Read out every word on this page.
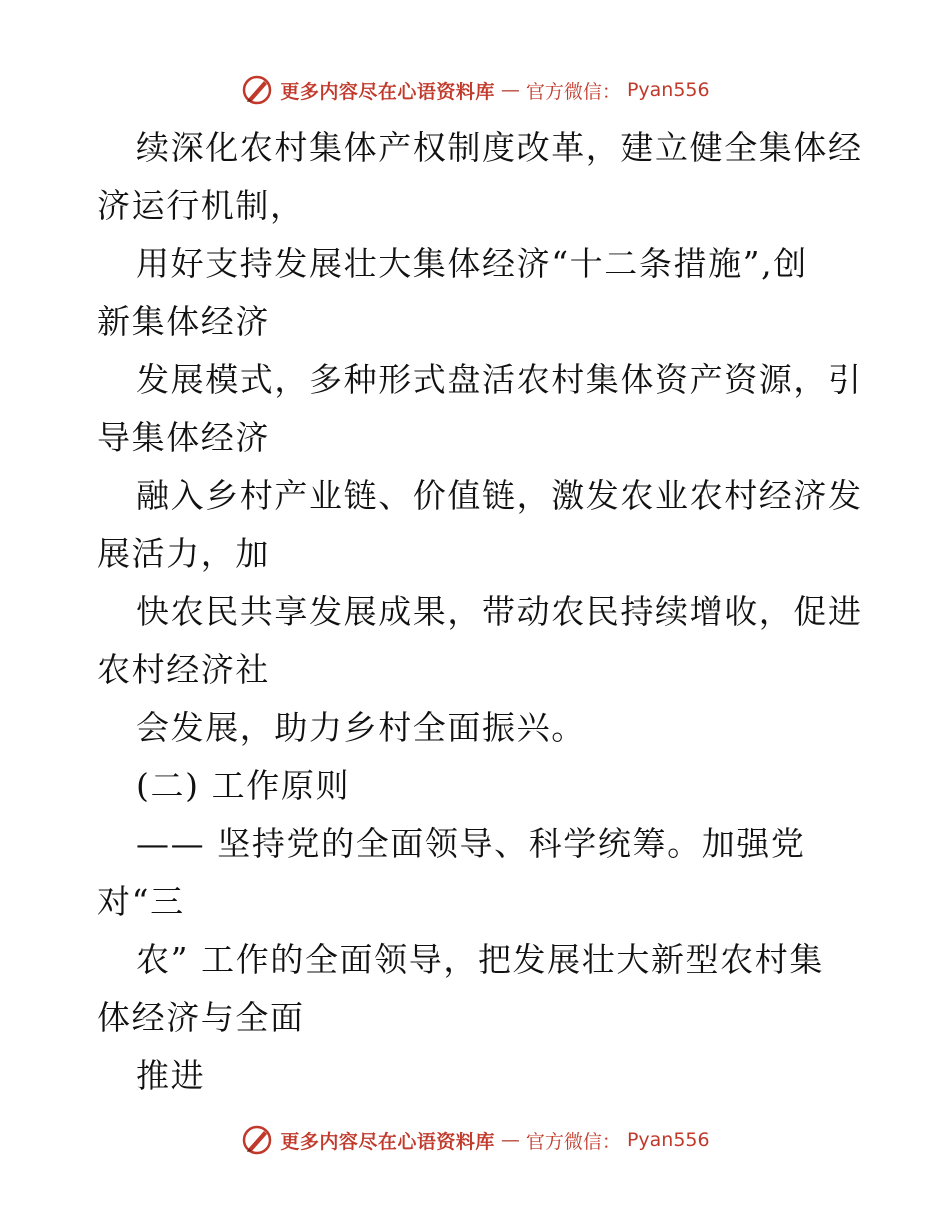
更多内容尽在心语资料库 — 官方微信： Pyan556
续深化农村集体产权制度改革，建立健全集体经
济运行机制，
用好支持发展壮大集体经济“十二条措施”,创
新集体经济
发展模式，多种形式盘活农村集体资产资源，引
导集体经济
融入乡村产业链、价值链，激发农业农村经济发
展活力，加
快农民共享发展成果，带动农民持续增收，促进
农村经济社
会发展，助力乡村全面振兴。
(二) 工作原则
—— 坚持党的全面领导、科学统筹。加强党
对“三
农” 工作的全面领导，把发展壮大新型农村集
体经济与全面
推进
更多内容尽在心语资料库 — 官方微信： Pyan556
